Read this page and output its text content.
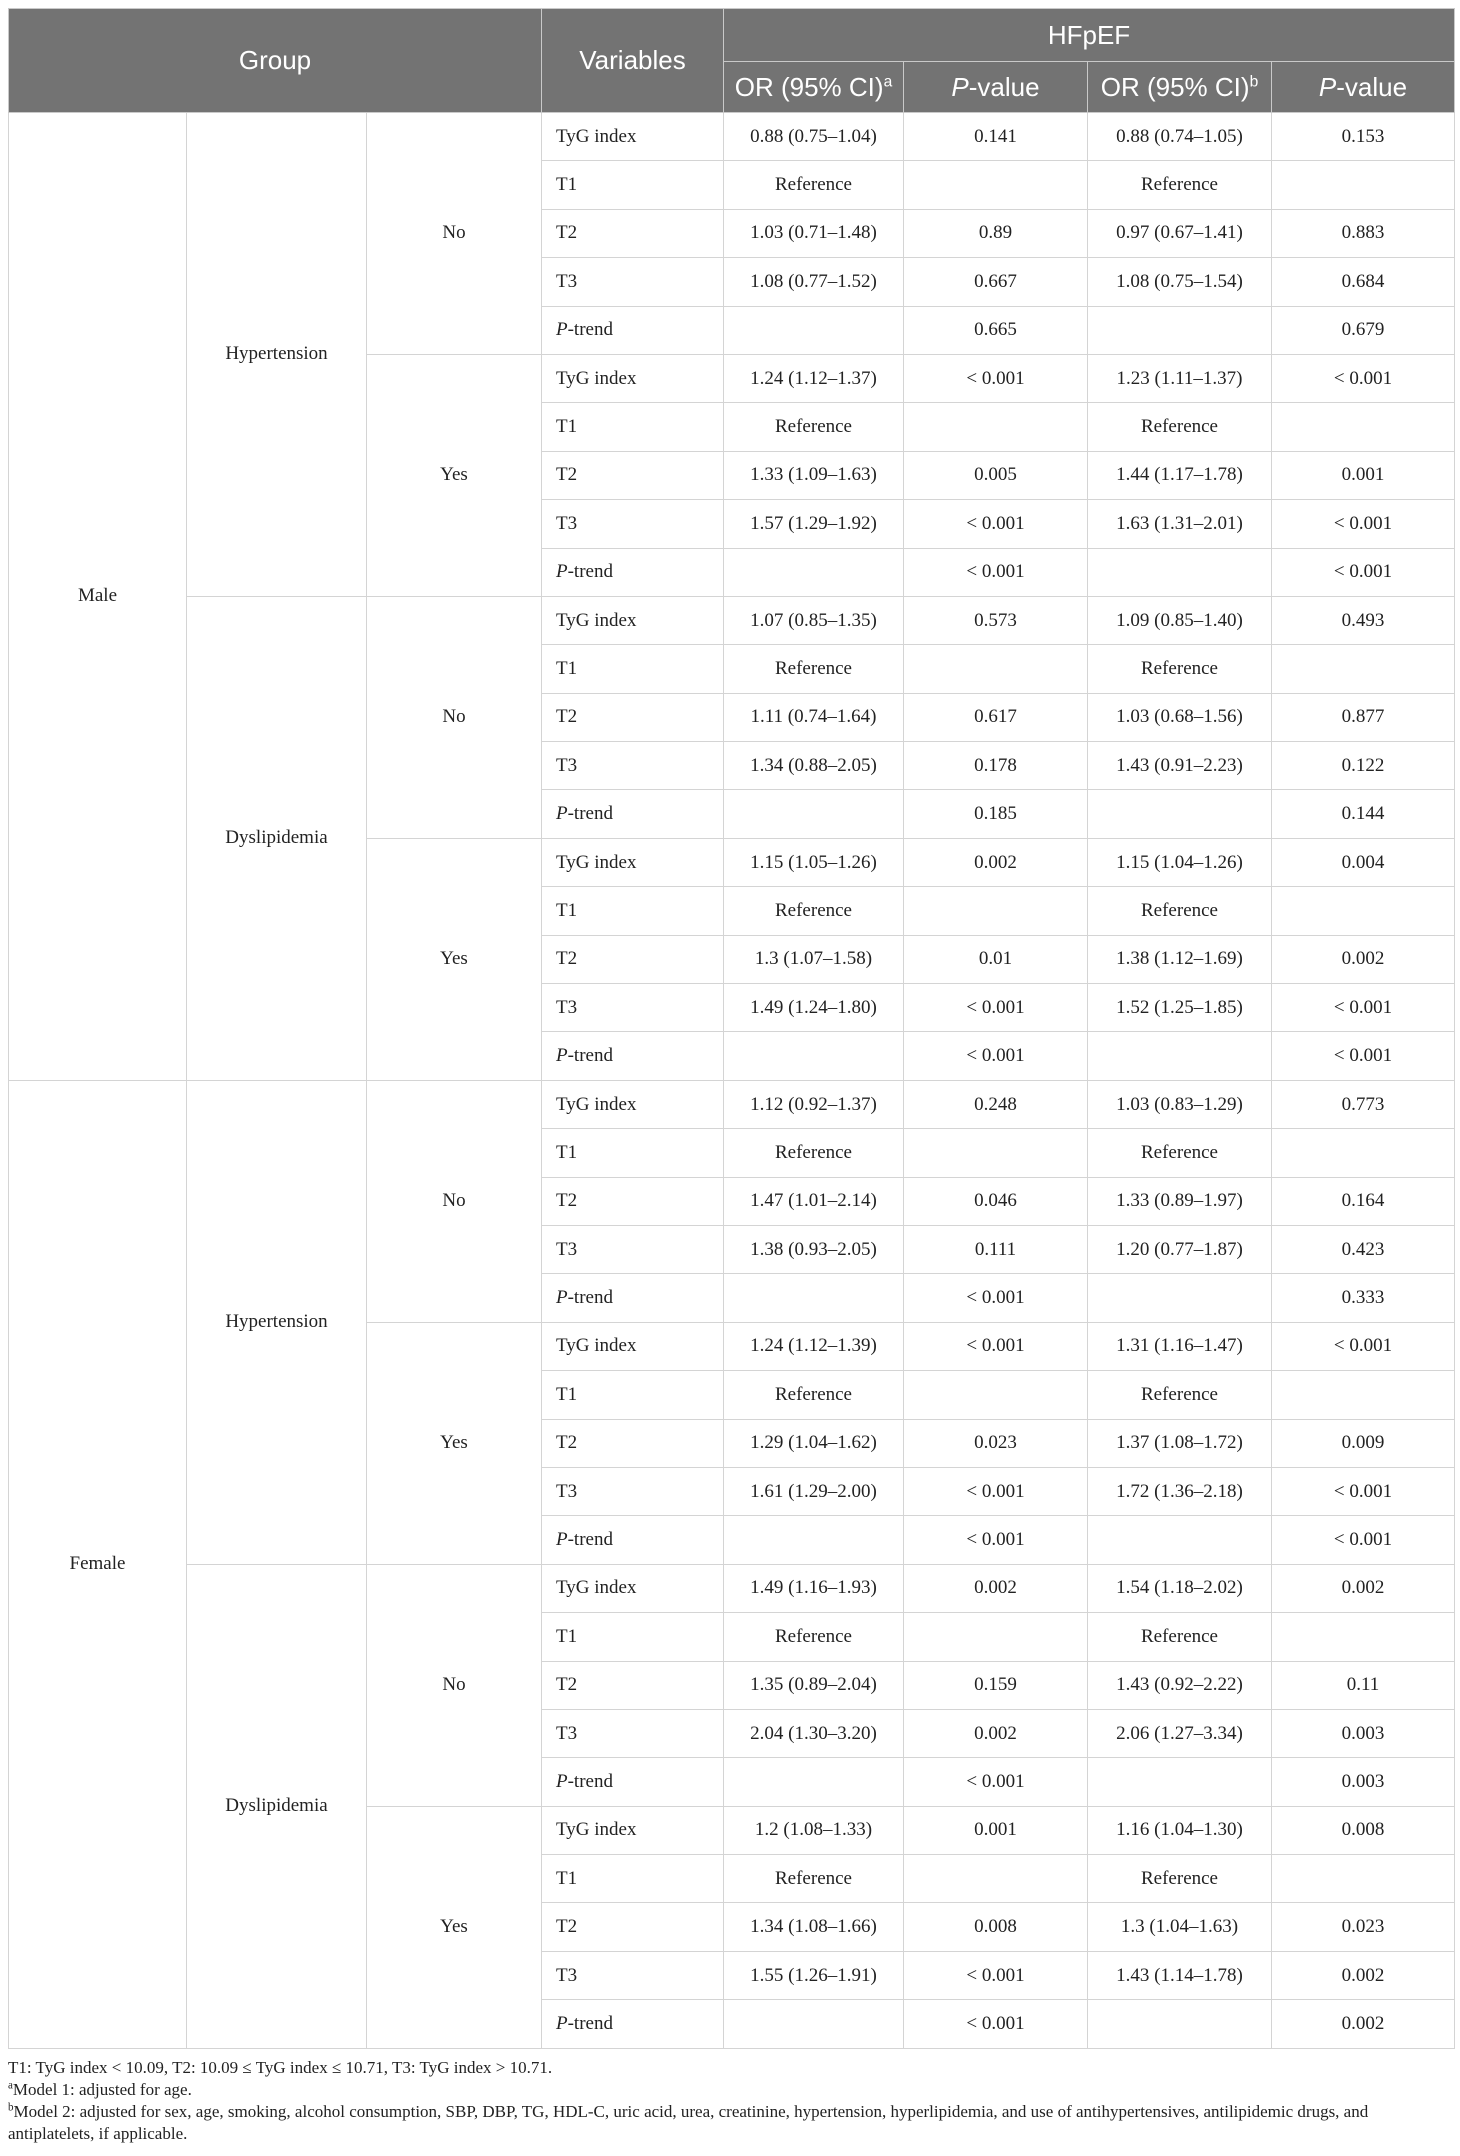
Group			Variables	HFpEF			
				OR (95% CI)$^a$	P-value	OR (95% CI)$^b$	P-value
Male	Hypertension	No	TyG index	0.88 (0.75–1.04)	0.141	0.88 (0.74–1.05)	0.153
			T1	Reference		Reference	
			T2	1.03 (0.71–1.48)	0.89	0.97 (0.67–1.41)	0.883
			T3	1.08 (0.77–1.52)	0.667	1.08 (0.75–1.54)	0.684
			P-trend		0.665		0.679
		Yes	TyG index	1.24 (1.12–1.37)	< 0.001	1.23 (1.11–1.37)	< 0.001
			T1	Reference		Reference	
			T2	1.33 (1.09–1.63)	0.005	1.44 (1.17–1.78)	0.001
			T3	1.57 (1.29–1.92)	< 0.001	1.63 (1.31–2.01)	< 0.001
			P-trend		< 0.001		< 0.001
	Dyslipidemia	No	TyG index	1.07 (0.85–1.35)	0.573	1.09 (0.85–1.40)	0.493
			T1	Reference		Reference	
			T2	1.11 (0.74–1.64)	0.617	1.03 (0.68–1.56)	0.877
			T3	1.34 (0.88–2.05)	0.178	1.43 (0.91–2.23)	0.122
			P-trend		0.185		0.144
		Yes	TyG index	1.15 (1.05–1.26)	0.002	1.15 (1.04–1.26)	0.004
			T1	Reference		Reference	
			T2	1.3 (1.07–1.58)	0.01	1.38 (1.12–1.69)	0.002
			T3	1.49 (1.24–1.80)	< 0.001	1.52 (1.25–1.85)	< 0.001
			P-trend		< 0.001		< 0.001
Female	Hypertension	No	TyG index	1.12 (0.92–1.37)	0.248	1.03 (0.83–1.29)	0.773
			T1	Reference		Reference	
			T2	1.47 (1.01–2.14)	0.046	1.33 (0.89–1.97)	0.164
			T3	1.38 (0.93–2.05)	0.111	1.20 (0.77–1.87)	0.423
			P-trend		< 0.001		0.333
		Yes	TyG index	1.24 (1.12–1.39)	< 0.001	1.31 (1.16–1.47)	< 0.001
			T1	Reference		Reference	
			T2	1.29 (1.04–1.62)	0.023	1.37 (1.08–1.72)	0.009
			T3	1.61 (1.29–2.00)	< 0.001	1.72 (1.36–2.18)	< 0.001
			P-trend		< 0.001		< 0.001
	Dyslipidemia	No	TyG index	1.49 (1.16–1.93)	0.002	1.54 (1.18–2.02)	0.002
			T1	Reference		Reference	
			T2	1.35 (0.89–2.04)	0.159	1.43 (0.92–2.22)	0.11
			T3	2.04 (1.30–3.20)	0.002	2.06 (1.27–3.34)	0.003
			P-trend		< 0.001		0.003
		Yes	TyG index	1.2 (1.08–1.33)	0.001	1.16 (1.04–1.30)	0.008
			T1	Reference		Reference	
			T2	1.34 (1.08–1.66)	0.008	1.3 (1.04–1.63)	0.023
			T3	1.55 (1.26–1.91)	< 0.001	1.43 (1.14–1.78)	0.002
			P-trend		< 0.001		0.002

T1: TyG index < 10.09, T2: 10.09 ≤ TyG index ≤ 10.71, T3: TyG index > 10.71.

$^a$Model 1: adjusted for age.

$^b$Model 2: adjusted for sex, age, smoking, alcohol consumption, SBP, DBP, TG, HDL-C, uric acid, urea, creatinine, hypertension, hyperlipidemia, and use of antihypertensives, antilipidemic drugs, and antiplatelets, if applicable.
